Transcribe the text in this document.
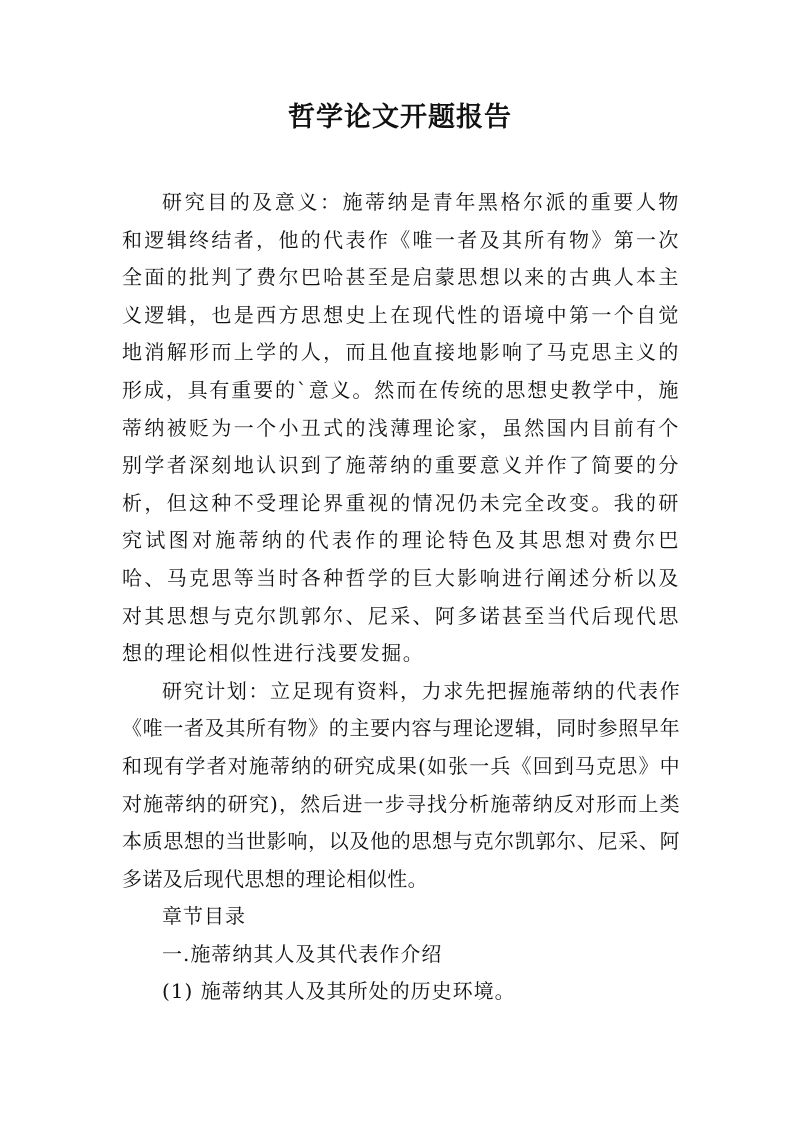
哲学论文开题报告

研究目的及意义：施蒂纳是青年黑格尔派的重要人物和逻辑终结者，他的代表作《唯一者及其所有物》第一次全面的批判了费尔巴哈甚至是启蒙思想以来的古典人本主义逻辑，也是西方思想史上在现代性的语境中第一个自觉地消解形而上学的人，而且他直接地影响了马克思主义的形成，具有重要的`意义。然而在传统的思想史教学中，施蒂纳被贬为一个小丑式的浅薄理论家，虽然国内目前有个别学者深刻地认识到了施蒂纳的重要意义并作了简要的分析，但这种不受理论界重视的情况仍未完全改变。我的研究试图对施蒂纳的代表作的理论特色及其思想对费尔巴哈、马克思等当时各种哲学的巨大影响进行阐述分析以及对其思想与克尔凯郭尔、尼采、阿多诺甚至当代后现代思想的理论相似性进行浅要发掘。

研究计划：立足现有资料，力求先把握施蒂纳的代表作《唯一者及其所有物》的主要内容与理论逻辑，同时参照早年和现有学者对施蒂纳的研究成果(如张一兵《回到马克思》中对施蒂纳的研究)，然后进一步寻找分析施蒂纳反对形而上类本质思想的当世影响，以及他的思想与克尔凯郭尔、尼采、阿多诺及后现代思想的理论相似性。

章节目录

一.施蒂纳其人及其代表作介绍

(1) 施蒂纳其人及其所处的历史环境。
